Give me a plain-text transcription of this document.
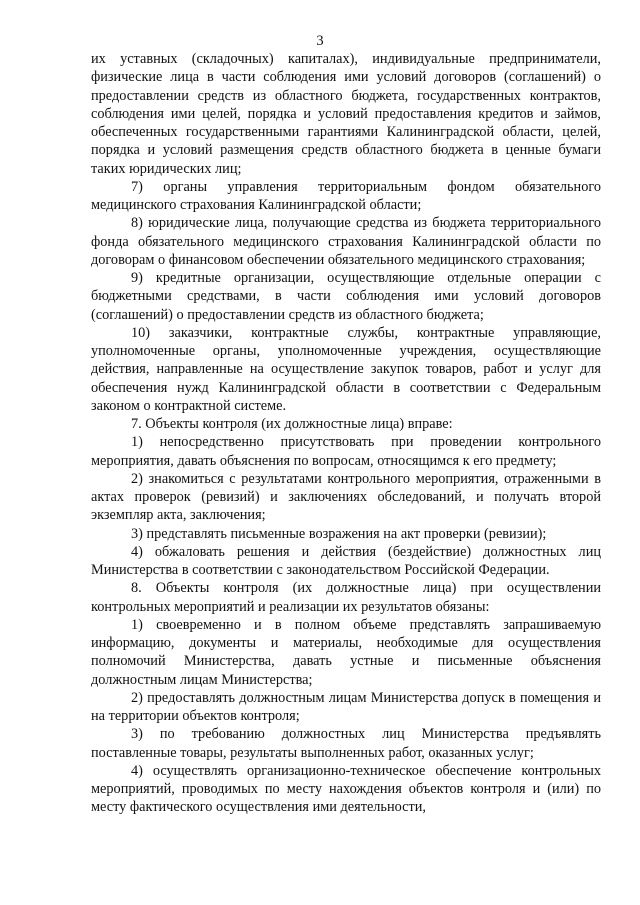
3

их уставных (складочных) капиталах), индивидуальные предприниматели, физические лица в части соблюдения ими условий договоров (соглашений) о предоставлении средств из областного бюджета, государственных контрактов, соблюдения ими целей, порядка и условий предоставления кредитов и займов, обеспеченных государственными гарантиями Калининградской области, целей, порядка и условий размещения средств областного бюджета в ценные бумаги таких юридических лиц;

7) органы управления территориальным фондом обязательного медицинского страхования Калининградской области;

8) юридические лица, получающие средства из бюджета территориального фонда обязательного медицинского страхования Калининградской области по договорам о финансовом обеспечении обязательного медицинского страхования;

9) кредитные организации, осуществляющие отдельные операции с бюджетными средствами, в части соблюдения ими условий договоров (соглашений) о предоставлении средств из областного бюджета;

10) заказчики, контрактные службы, контрактные управляющие, уполномоченные органы, уполномоченные учреждения, осуществляющие действия, направленные на осуществление закупок товаров, работ и услуг для обеспечения нужд Калининградской области в соответствии с Федеральным законом о контрактной системе.

7. Объекты контроля (их должностные лица) вправе:

1) непосредственно присутствовать при проведении контрольного мероприятия, давать объяснения по вопросам, относящимся к его предмету;

2) знакомиться с результатами контрольного мероприятия, отраженными в актах проверок (ревизий) и заключениях обследований, и получать второй экземпляр акта, заключения;

3) представлять письменные возражения на акт проверки (ревизии);

4) обжаловать решения и действия (бездействие) должностных лиц Министерства в соответствии с законодательством Российской Федерации.

8. Объекты контроля (их должностные лица) при осуществлении контрольных мероприятий и реализации их результатов обязаны:

1) своевременно и в полном объеме представлять запрашиваемую информацию, документы и материалы, необходимые для осуществления полномочий Министерства, давать устные и письменные объяснения должностным лицам Министерства;

2) предоставлять должностным лицам Министерства допуск в помещения и на территории объектов контроля;

3) по требованию должностных лиц Министерства предъявлять поставленные товары, результаты выполненных работ, оказанных услуг;

4) осуществлять организационно-техническое обеспечение контрольных мероприятий, проводимых по месту нахождения объектов контроля и (или) по месту фактического осуществления ими деятельности,
